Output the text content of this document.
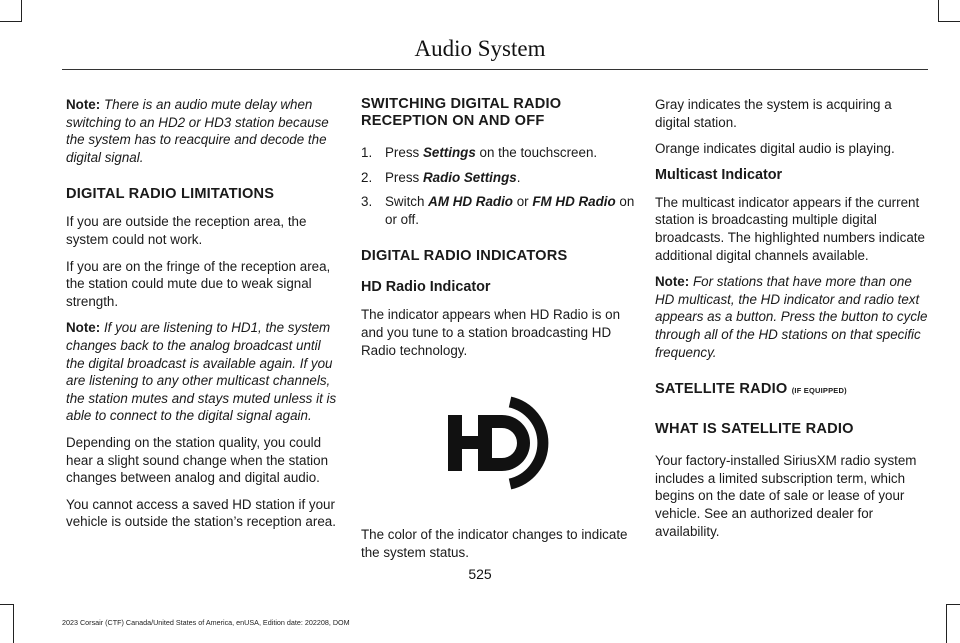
Audio System

Note: There is an audio mute delay when switching to an HD2 or HD3 station because the system has to reacquire and decode the digital signal.

DIGITAL RADIO LIMITATIONS

If you are outside the reception area, the system could not work.

If you are on the fringe of the reception area, the station could mute due to weak signal strength.

Note: If you are listening to HD1, the system changes back to the analog broadcast until the digital broadcast is available again. If you are listening to any other multicast channels, the station mutes and stays muted unless it is able to connect to the digital signal again.

Depending on the station quality, you could hear a slight sound change when the station changes between analog and digital audio.

You cannot access a saved HD station if your vehicle is outside the station’s reception area.

SWITCHING DIGITAL RADIO RECEPTION ON AND OFF
1. Press Settings on the touchscreen.
2. Press Radio Settings.
3. Switch AM HD Radio or FM HD Radio on or off.
DIGITAL RADIO INDICATORS
HD Radio Indicator

The indicator appears when HD Radio is on and you tune to a station broadcasting HD Radio technology.

The color of the indicator changes to indicate the system status.

Gray indicates the system is acquiring a digital station.

Orange indicates digital audio is playing.

Multicast Indicator

The multicast indicator appears if the current station is broadcasting multiple digital broadcasts. The highlighted numbers indicate additional digital channels available.

Note: For stations that have more than one HD multicast, the HD indicator and radio text appears as a button. Press the button to cycle through all of the HD stations on that specific frequency.

SATELLITE RADIO (IF EQUIPPED)
WHAT IS SATELLITE RADIO

Your factory-installed SiriusXM radio system includes a limited subscription term, which begins on the date of sale or lease of your vehicle. See an authorized dealer for availability.

525
2023 Corsair (CTF) Canada/United States of America, enUSA, Edition date: 202208, DOM
